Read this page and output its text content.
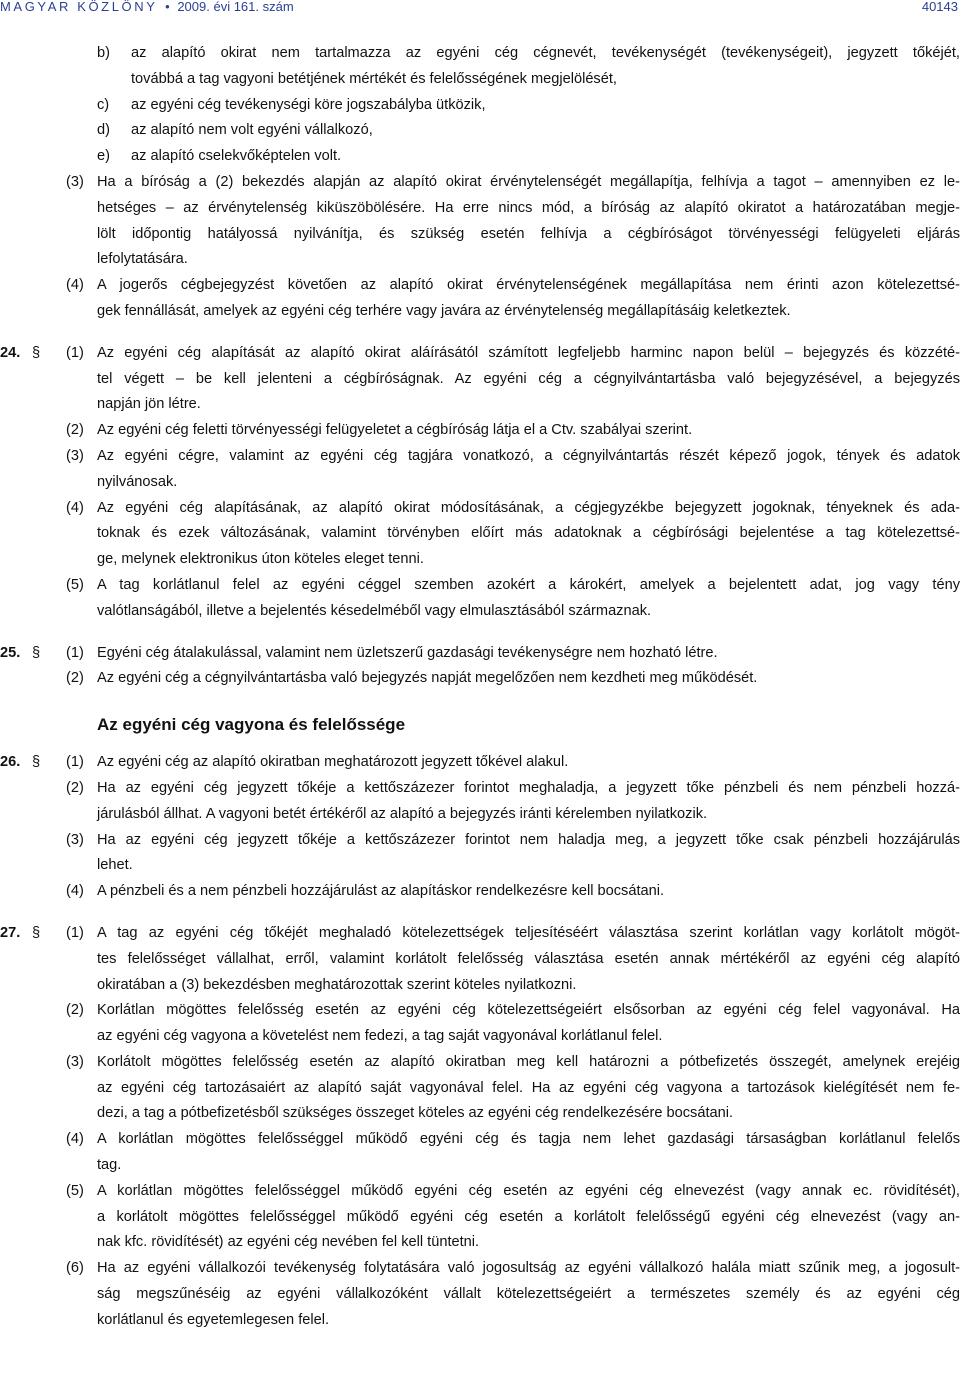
MAGYAR KÖZLÖNY • 2009. évi 161. szám	40143
b) az alapító okirat nem tartalmazza az egyéni cég cégnevét, tevékenységét (tevékenységeit), jegyzett tőkéjét,
továbbá a tag vagyoni betétjének mértékét és felelősségének megjelölését,
c) az egyéni cég tevékenységi köre jogszabályba ütközik,
d) az alapító nem volt egyéni vállalkozó,
e) az alapító cselekvőképtelen volt.
(3) Ha a bíróság a (2) bekezdés alapján az alapító okirat érvénytelenségét megállapítja, felhívja a tagot – amennyiben ez le-
hetséges – az érvénytelenség kiküszöbölésére. Ha erre nincs mód, a bíróság az alapító okiratot a határozatában megje-
lölt időpontig hatályossá nyilvánítja, és szükség esetén felhívja a cégbíróságot törvényességi felügyeleti eljárás
lefolytatására.
(4) A jogerős cégbejegyzést követően az alapító okirat érvénytelenségének megállapítása nem érinti azon kötelezettsé-
gek fennállását, amelyek az egyéni cég terhére vagy javára az érvénytelenség megállapításáig keletkeztek.
24. § (1) Az egyéni cég alapítását az alapító okirat aláírásától számított legfeljebb harminc napon belül – bejegyzés és közzété-
tel végett – be kell jelenteni a cégbíróságnak. Az egyéni cég a cégnyilvántartásba való bejegyzésével, a bejegyzés
napján jön létre.
(2) Az egyéni cég feletti törvényességi felügyeletet a cégbíróság látja el a Ctv. szabályai szerint.
(3) Az egyéni cégre, valamint az egyéni cég tagjára vonatkozó, a cégnyilvántartás részét képező jogok, tények és adatok
nyilvánosak.
(4) Az egyéni cég alapításának, az alapító okirat módosításának, a cégjegyzékbe bejegyzett jogoknak, tényeknek és ada-
toknak és ezek változásának, valamint törvényben előírt más adatoknak a cégbírósági bejelentése a tag kötelezettsé-
ge, melynek elektronikus úton köteles eleget tenni.
(5) A tag korlátlanul felel az egyéni céggel szemben azokért a károkért, amelyek a bejelentett adat, jog vagy tény
valótlanságából, illetve a bejelentés késedelméből vagy elmulasztásából származnak.
25. § (1) Egyéni cég átalakulással, valamint nem üzletszerű gazdasági tevékenységre nem hozható létre.
(2) Az egyéni cég a cégnyilvántartásba való bejegyzés napját megelőzően nem kezdheti meg működését.
Az egyéni cég vagyona és felelőssége
26. § (1) Az egyéni cég az alapító okiratban meghatározott jegyzett tőkével alakul.
(2) Ha az egyéni cég jegyzett tőkéje a kettőszázezer forintot meghaladja, a jegyzett tőke pénzbeli és nem pénzbeli hozzá-
járulásból állhat. A vagyoni betét értékéről az alapító a bejegyzés iránti kérelemben nyilatkozik.
(3) Ha az egyéni cég jegyzett tőkéje a kettőszázezer forintot nem haladja meg, a jegyzett tőke csak pénzbeli hozzájárulás
lehet.
(4) A pénzbeli és a nem pénzbeli hozzájárulást az alapításkor rendelkezésre kell bocsátani.
27. § (1) A tag az egyéni cég tőkéjét meghaladó kötelezettségek teljesítéséért választása szerint korlátlan vagy korlátolt mögöt-
tes felelősséget vállalhat, erről, valamint korlátolt felelősség választása esetén annak mértékéről az egyéni cég alapító
okiratában a (3) bekezdésben meghatározottak szerint köteles nyilatkozni.
(2) Korlátlan mögöttes felelősség esetén az egyéni cég kötelezettségeiért elsősorban az egyéni cég felel vagyonával. Ha
az egyéni cég vagyona a követelést nem fedezi, a tag saját vagyonával korlátlanul felel.
(3) Korlátolt mögöttes felelősség esetén az alapító okiratban meg kell határozni a pótbefizetés összegét, amelynek erejéig
az egyéni cég tartozásaiért az alapító saját vagyonával felel. Ha az egyéni cég vagyona a tartozások kielégítését nem fe-
dezi, a tag a pótbefizetésből szükséges összeget köteles az egyéni cég rendelkezésére bocsátani.
(4) A korlátlan mögöttes felelősséggel működő egyéni cég és tagja nem lehet gazdasági társaságban korlátlanul felelős
tag.
(5) A korlátlan mögöttes felelősséggel működő egyéni cég esetén az egyéni cég elnevezést (vagy annak ec. rövidítését),
a korlátolt mögöttes felelősséggel működő egyéni cég esetén a korlátolt felelősségű egyéni cég elnevezést (vagy an-
nak kfc. rövidítését) az egyéni cég nevében fel kell tüntetni.
(6) Ha az egyéni vállalkozói tevékenység folytatására való jogosultság az egyéni vállalkozó halála miatt szűnik meg, a jogosult-
ság megszűnéséig az egyéni vállalkozóként vállalt kötelezettségeiért a természetes személy és az egyéni cég
korlátlanul és egyetemlegesen felel.
